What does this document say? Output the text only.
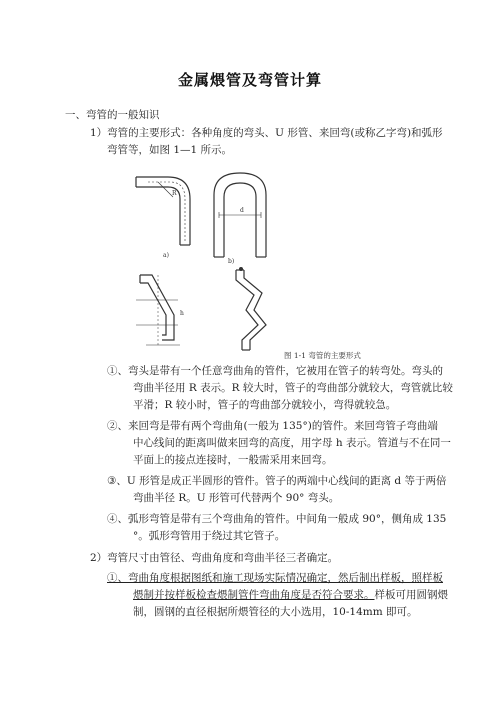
金属煨管及弯管计算
一、弯管的一般知识
1）弯管的主要形式：各种角度的弯头、U 形管、来回弯(或称乙字弯)和弧形
弯管等，如图 1—1 所示。
a)
b)
d
R
h
图 1-1 弯管的主要形式
①、弯头是带有一个任意弯曲角的管件，它被用在管子的转弯处。弯头的
弯曲半径用 R 表示。R 较大时，管子的弯曲部分就较大，弯管就比较
平滑；R 较小时，管子的弯曲部分就较小，弯得就较急。
②、来回弯是带有两个弯曲角(一般为 135°)的管件。来回弯管子弯曲端
中心线间的距离叫做来回弯的高度，用字母 h 表示。管道与不在同一
平面上的接点连接时，一般需采用来回弯。
③、U 形管是成正半圆形的管件。管子的两端中心线间的距离 d 等于两倍
弯曲半径 R。U 形管可代替两个 90° 弯头。
④、弧形弯管是带有三个弯曲角的管件。中间角一般成 90°，侧角成 135
°。弧形弯管用于绕过其它管子。
2）弯管尺寸由管径、弯曲角度和弯曲半径三者确定。
①、弯曲角度根据图纸和施工现场实际情况确定，然后制出样板，照样板
煨制并按样板检查煨制管件弯曲角度是否符合要求。样板可用圆钢煨
制，圆钢的直径根据所煨管径的大小选用，10-14mm 即可。
